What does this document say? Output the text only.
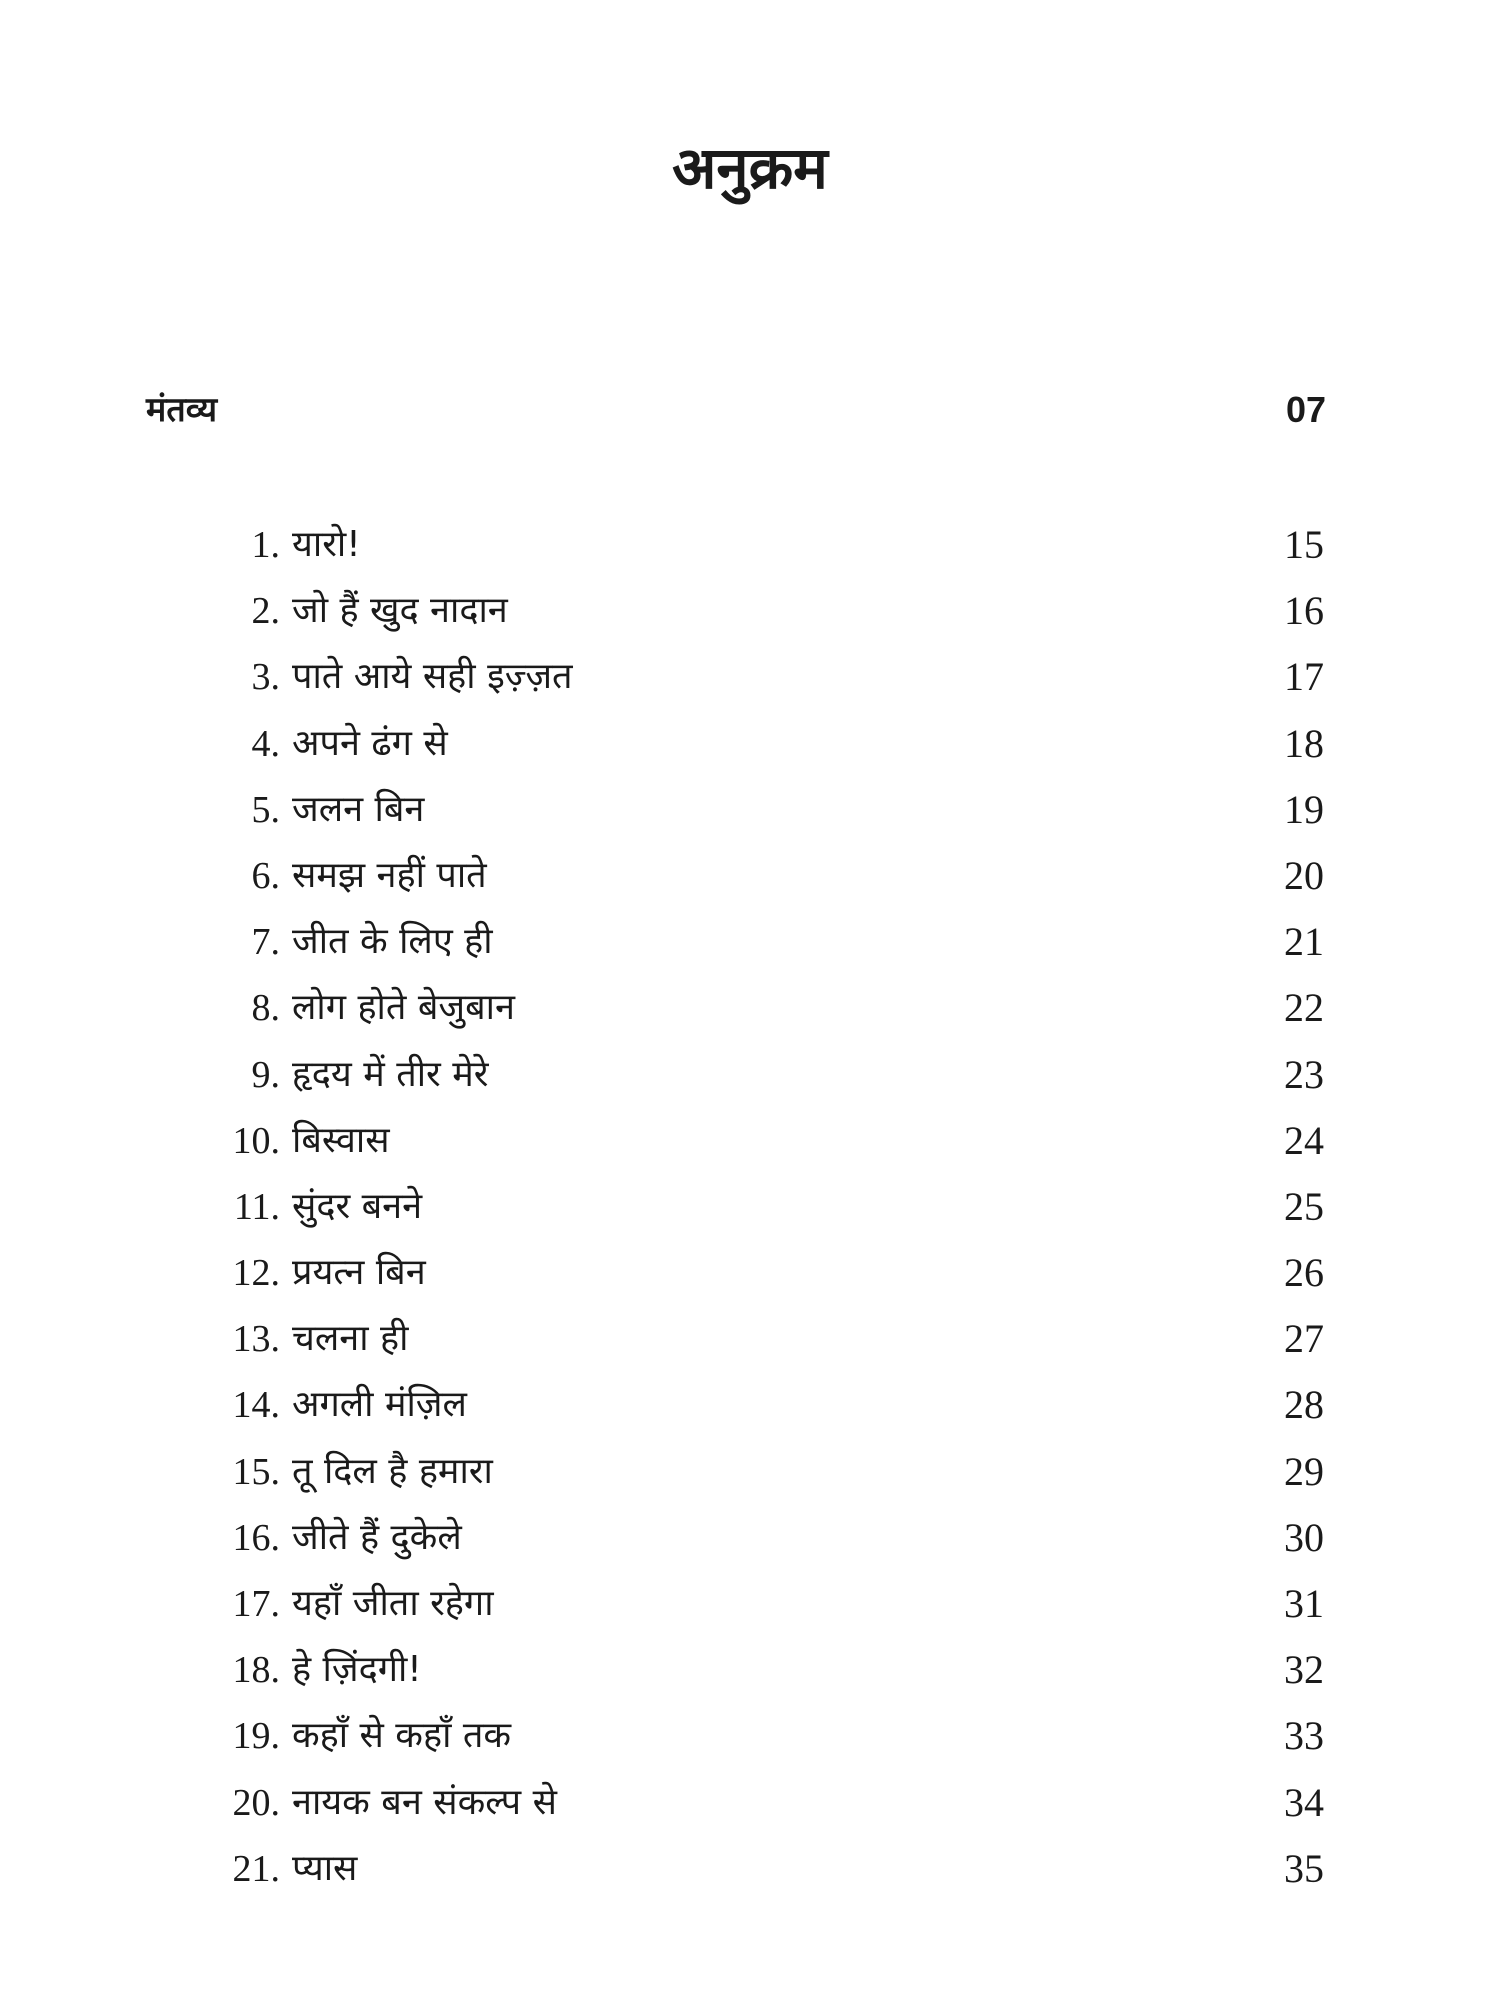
अनुक्रम
मंतव्य	07
1. यारो!	15
2. जो हैं खुद नादान	16
3. पाते आये सही इज़्ज़त	17
4. अपने ढंग से	18
5. जलन बिन	19
6. समझ नहीं पाते	20
7. जीत के लिए ही	21
8. लोग होते बेजुबान	22
9. हृदय में तीर मेरे	23
10. बिस्वास	24
11. सुंदर बनने	25
12. प्रयत्न बिन	26
13. चलना ही	27
14. अगली मंज़िल	28
15. तू दिल है हमारा	29
16. जीते हैं दुकेले	30
17. यहाँ जीता रहेगा	31
18. हे ज़िंदगी!	32
19. कहाँ से कहाँ तक	33
20. नायक बन संकल्प से	34
21. प्यास	35
